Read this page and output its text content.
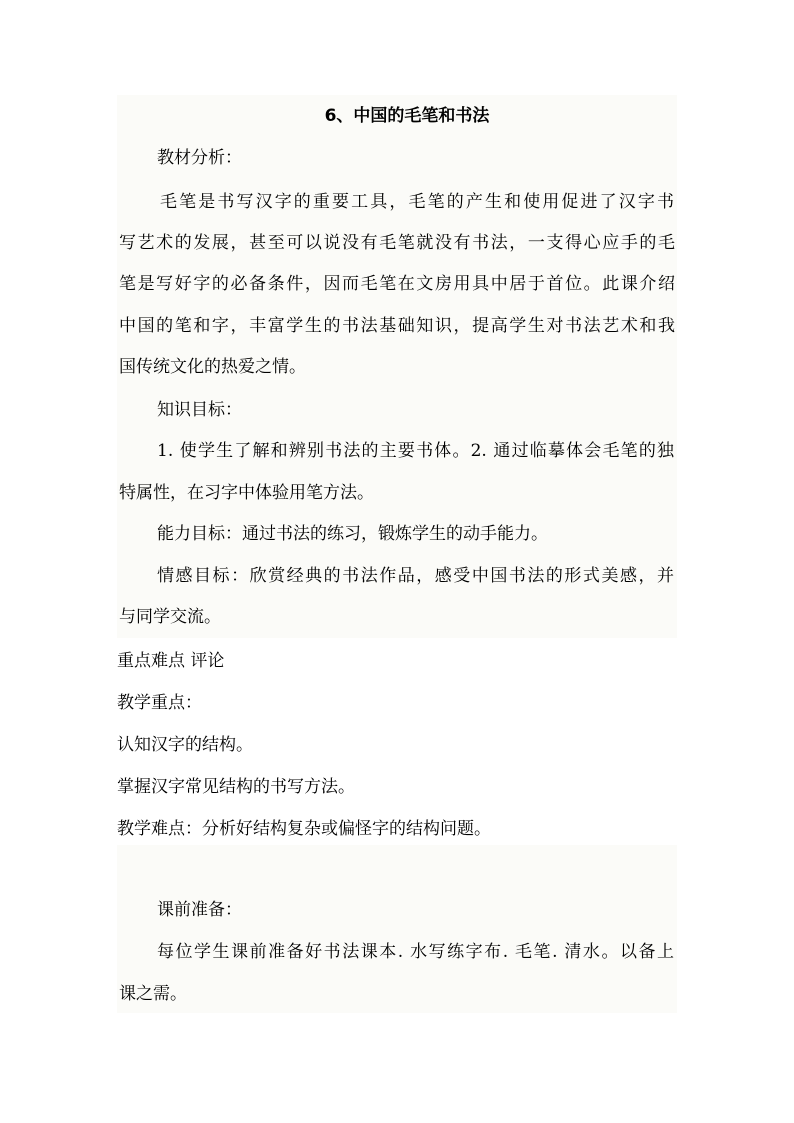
6、中国的毛笔和书法
教材分析：
毛笔是书写汉字的重要工具，毛笔的产生和使用促进了汉字书
写艺术的发展，甚至可以说没有毛笔就没有书法，一支得心应手的毛
笔是写好字的必备条件，因而毛笔在文房用具中居于首位。此课介绍
中国的笔和字，丰富学生的书法基础知识，提高学生对书法艺术和我
国传统文化的热爱之情。
知识目标：
1. 使学生了解和辨别书法的主要书体。2. 通过临摹体会毛笔的独
特属性，在习字中体验用笔方法。
能力目标：通过书法的练习，锻炼学生的动手能力。
情感目标：欣赏经典的书法作品，感受中国书法的形式美感，并
与同学交流。
重点难点 评论
教学重点：
认知汉字的结构。
掌握汉字常见结构的书写方法。
教学难点：分析好结构复杂或偏怪字的结构问题。
课前准备：
每位学生课前准备好书法课本. 水写练字布. 毛笔. 清水。以备上
课之需。
